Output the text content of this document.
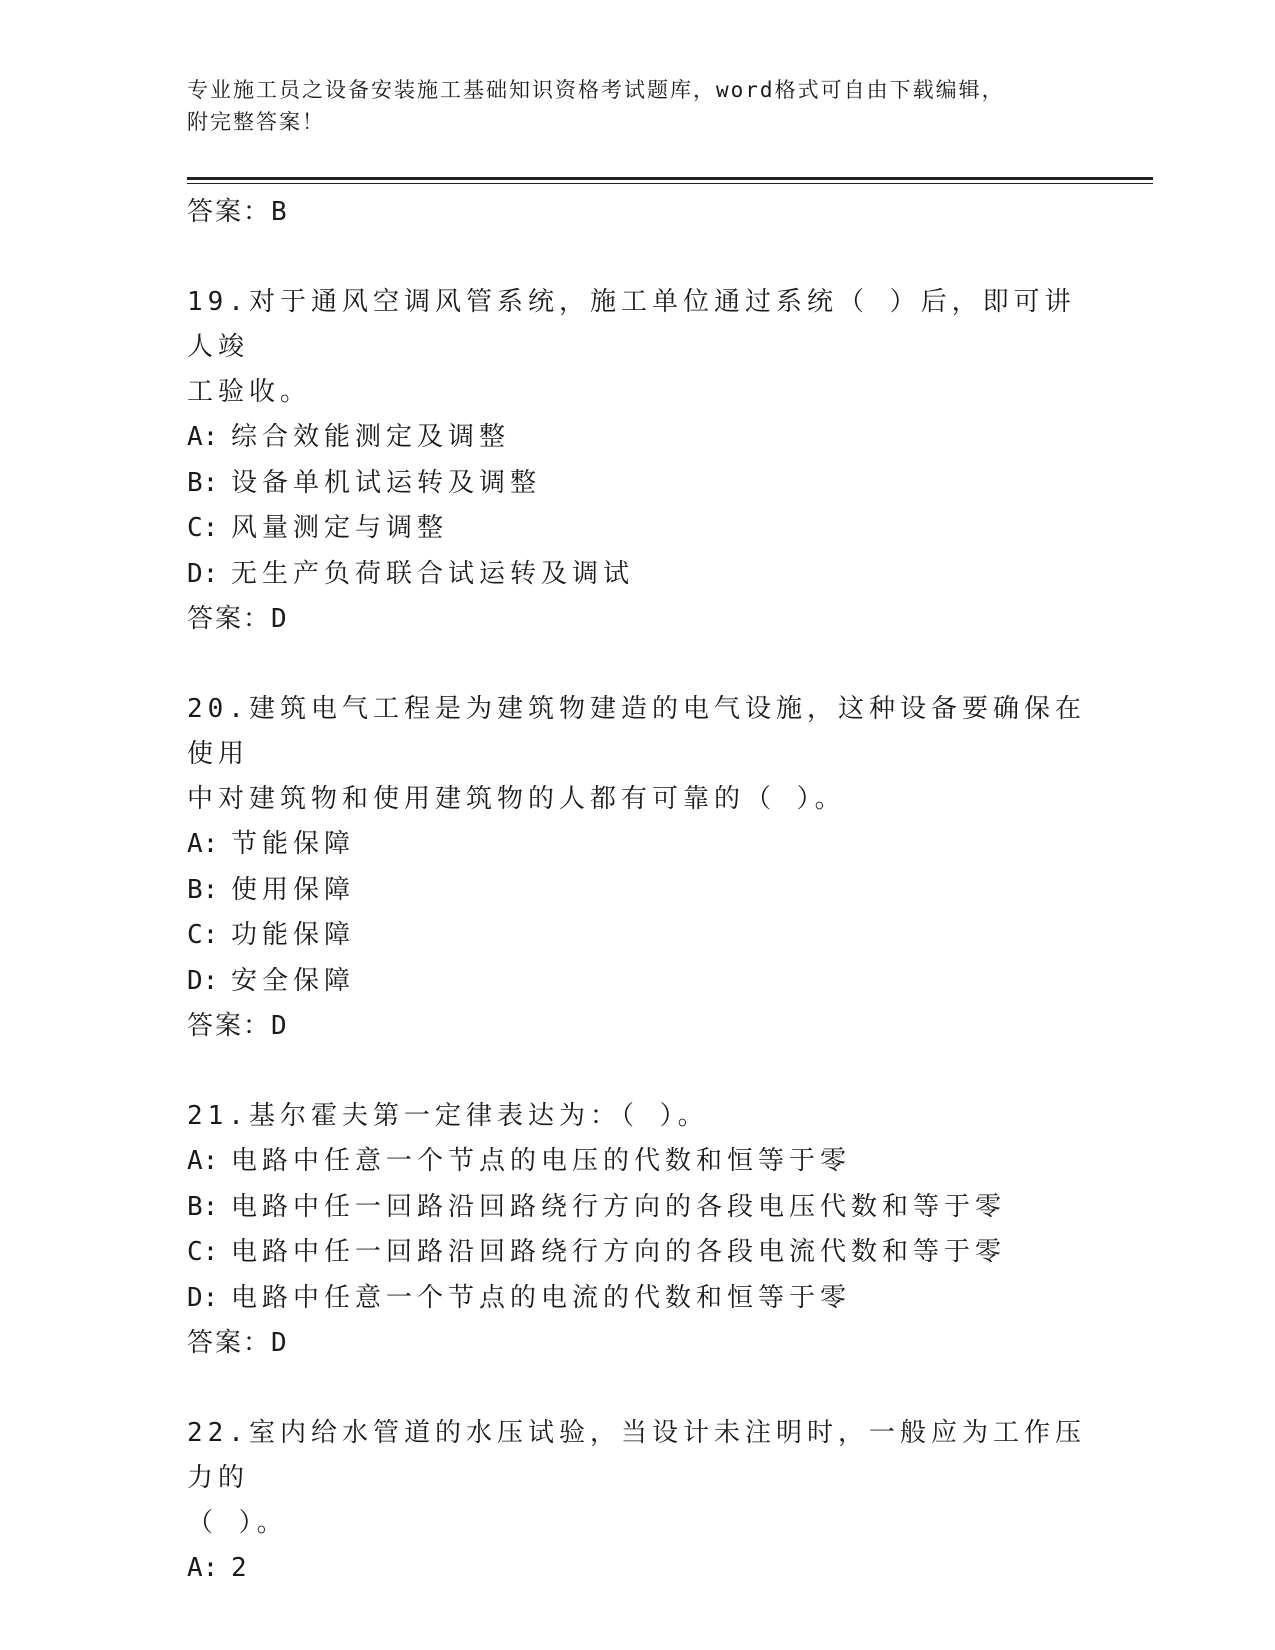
专业施工员之设备安装施工基础知识资格考试题库，word格式可自由下载编辑，
附完整答案！
答案：B
19.对于通风空调风管系统，施工单位通过系统（ ）后，即可讲人竣
工验收。
A: 综合效能测定及调整
B: 设备单机试运转及调整
C: 风量测定与调整
D: 无生产负荷联合试运转及调试
答案：D
20.建筑电气工程是为建筑物建造的电气设施，这种设备要确保在使用
中对建筑物和使用建筑物的人都有可靠的（ ）。
A: 节能保障
B: 使用保障
C: 功能保障
D: 安全保障
答案：D
21.基尔霍夫第一定律表达为：（ ）。
A: 电路中任意一个节点的电压的代数和恒等于零
B: 电路中任一回路沿回路绕行方向的各段电压代数和等于零
C: 电路中任一回路沿回路绕行方向的各段电流代数和等于零
D: 电路中任意一个节点的电流的代数和恒等于零
答案：D
22.室内给水管道的水压试验，当设计未注明时，一般应为工作压力的
（ ）。
A: 2
